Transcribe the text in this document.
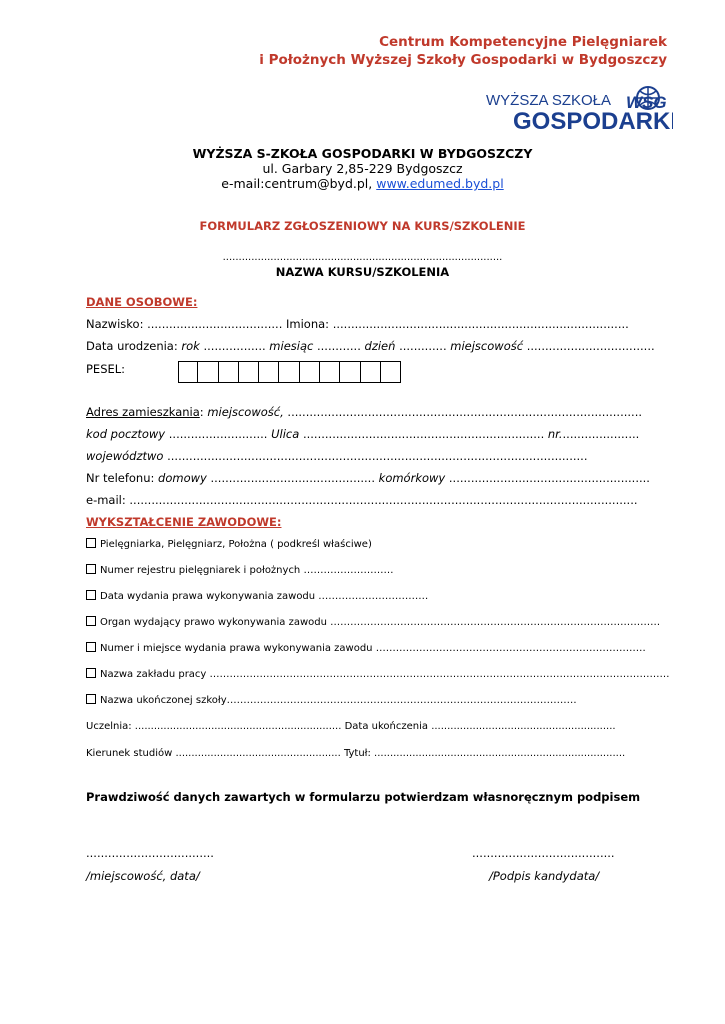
Centrum Kompetencyjne Pielęgniarek
i Położnych Wyższej Szkoły Gospodarki w Bydgoszczy
WYŻSZA SZKOŁA WSG
GOSPODARKI
WYŻSZA S-ZKOŁA GOSPODARKI W BYDGOSZCZY
ul. Garbary 2,85-229 Bydgoszcz
e-mail:centrum@byd.pl, www.edumed.byd.pl
FORMULARZ ZGŁOSZENIOWY NA KURS/SZKOLENIE
........................................................................................
NAZWA KURSU/SZKOLENIA
DANE OSOBOWE:
Nazwisko: ..................................... Imiona: .................................................................................
Data urodzenia: rok ................. miesiąc ............ dzień ............. miejscowość ...................................
PESEL:
Adres zamieszkania: miejscowość, .................................................................................................
kod pocztowy ........................... Ulica .................................................................. nr......................
województwo ...................................................................................................................
Nr telefonu: domowy ............................................. komórkowy .......................................................
e-mail: ...........................................................................................................................................
WYKSZTAŁCENIE ZAWODOWE:
Pielęgniarka, Pielęgniarz, Położna ( podkreśl właściwe)
Numer rejestru pielęgniarek i położnych ………………………
Data wydania prawa wykonywania zawodu ……………………………
Organ wydający prawo wykonywania zawodu ………………………………………………………………………………………
Numer i miejsce wydania prawa wykonywania zawodu ………………………………………………………………………
Nazwa zakładu pracy …………………………………………………………………………………………………………………………
Nazwa ukończonej szkoły……………………………………………………………………………………………
Uczelnia: ................................................................. Data ukończenia ..........................................................
Kierunek studiów .................................................... Tytuł: ...............................................................................
Prawdziwość danych zawartych w formularzu potwierdzam własnoręcznym podpisem
...................................	.......................................
/miejscowość, data/	/Podpis kandydata/
